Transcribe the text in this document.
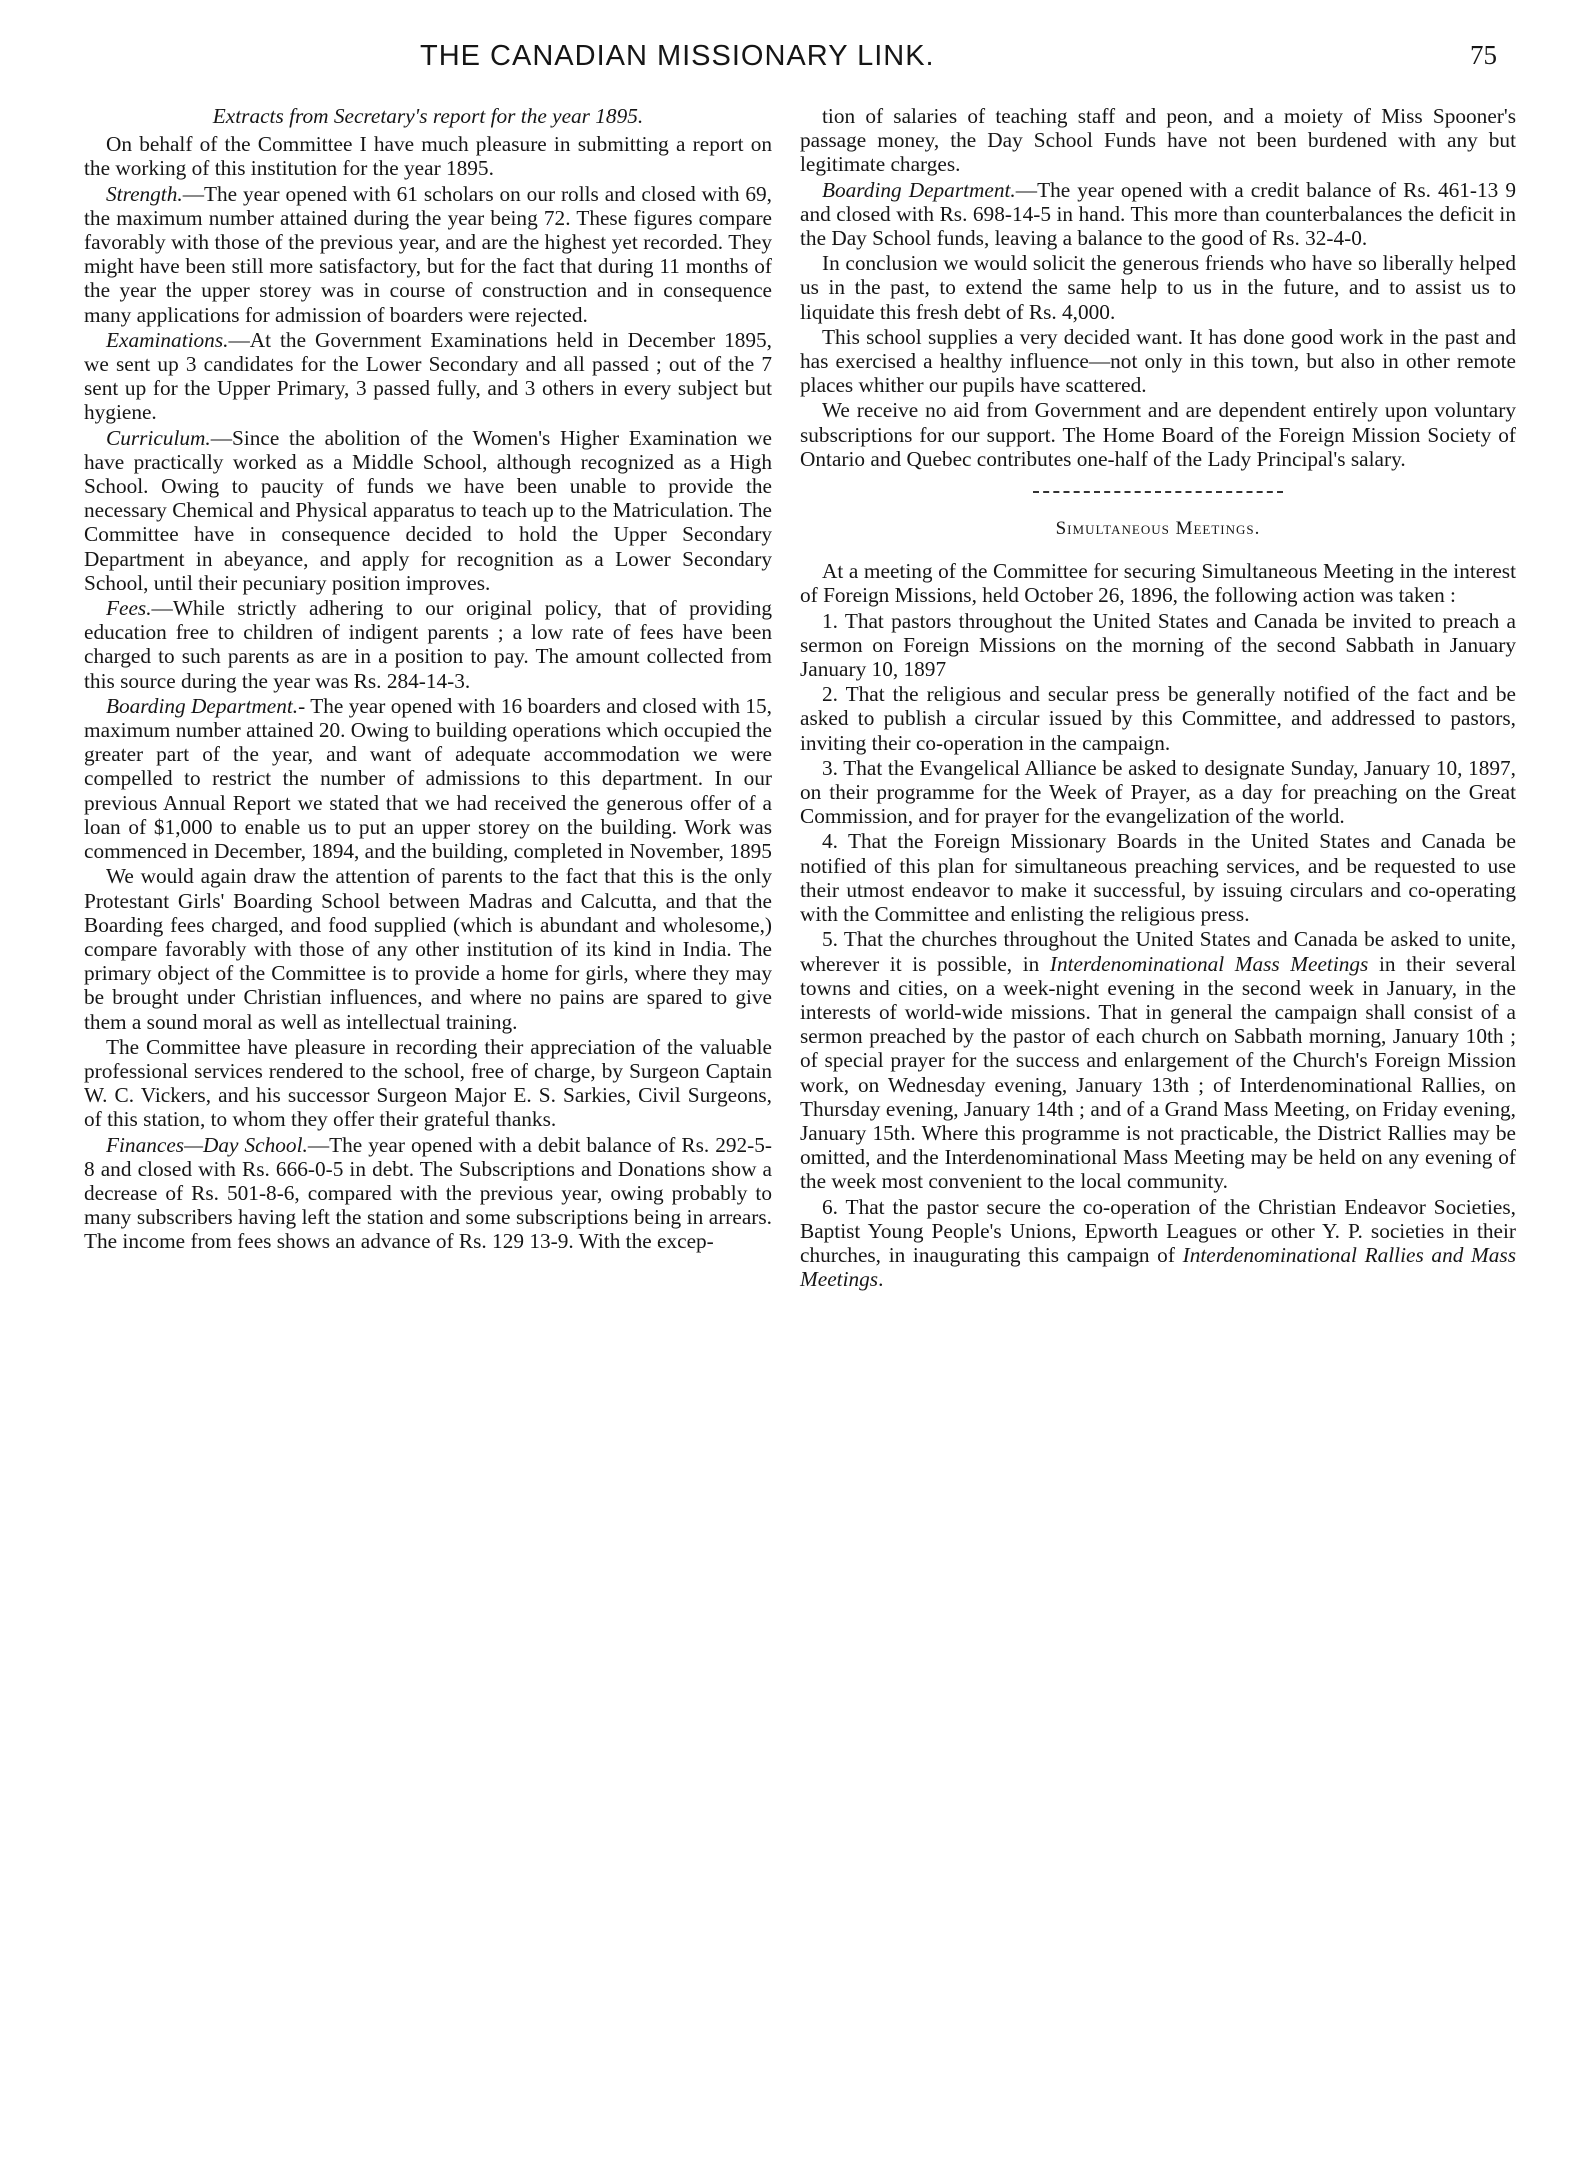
THE CANADIAN MISSIONARY LINK.	75
Extracts from Secretary's report for the year 1895.

On behalf of the Committee I have much pleasure in submitting a report on the working of this institution for the year 1895.

Strength.—The year opened with 61 scholars on our rolls and closed with 69, the maximum number attained during the year being 72. These figures compare favorably with those of the previous year, and are the highest yet recorded. They might have been still more satisfactory, but for the fact that during 11 months of the year the upper storey was in course of construction and in consequence many applications for admission of boarders were rejected.

Examinations.—At the Government Examinations held in December 1895, we sent up 3 candidates for the Lower Secondary and all passed ; out of the 7 sent up for the Upper Primary, 3 passed fully, and 3 others in every subject but hygiene.

Curriculum.—Since the abolition of the Women's Higher Examination we have practically worked as a Middle School, although recognized as a High School. Owing to paucity of funds we have been unable to provide the necessary Chemical and Physical apparatus to teach up to the Matriculation. The Committee have in consequence decided to hold the Upper Secondary Department in abeyance, and apply for recognition as a Lower Secondary School, until their pecuniary position improves.

Fees.—While strictly adhering to our original policy, that of providing education free to children of indigent parents ; a low rate of fees have been charged to such parents as are in a position to pay. The amount collected from this source during the year was Rs. 284-14-3.

Boarding Department.- The year opened with 16 boarders and closed with 15, maximum number attained 20. Owing to building operations which occupied the greater part of the year, and want of adequate accommodation we were compelled to restrict the number of admissions to this department. In our previous Annual Report we stated that we had received the generous offer of a loan of $1,000 to enable us to put an upper storey on the building. Work was commenced in December, 1894, and the building, completed in November, 1895

We would again draw the attention of parents to the fact that this is the only Protestant Girls' Boarding School between Madras and Calcutta, and that the Boarding fees charged, and food supplied (which is abundant and wholesome,) compare favorably with those of any other institution of its kind in India. The primary object of the Committee is to provide a home for girls, where they may be brought under Christian influences, and where no pains are spared to give them a sound moral as well as intellectual training.

The Committee have pleasure in recording their appreciation of the valuable professional services rendered to the school, free of charge, by Surgeon Captain W. C. Vickers, and his successor Surgeon Major E. S. Sarkies, Civil Surgeons, of this station, to whom they offer their grateful thanks.

Finances—Day School.—The year opened with a debit balance of Rs. 292-5-8 and closed with Rs. 666-0-5 in debt. The Subscriptions and Donations show a decrease of Rs. 501-8-6, compared with the previous year, owing probably to many subscribers having left the station and some subscriptions being in arrears. The income from fees shows an advance of Rs. 129 13-9. With the excep-

tion of salaries of teaching staff and peon, and a moiety of Miss Spooner's passage money, the Day School Funds have not been burdened with any but legitimate charges.

Boarding Department.—The year opened with a credit balance of Rs. 461-13 9 and closed with Rs. 698-14-5 in hand. This more than counterbalances the deficit in the Day School funds, leaving a balance to the good of Rs. 32-4-0.

In conclusion we would solicit the generous friends who have so liberally helped us in the past, to extend the same help to us in the future, and to assist us to liquidate this fresh debt of Rs. 4,000.

This school supplies a very decided want. It has done good work in the past and has exercised a healthy influence—not only in this town, but also in other remote places whither our pupils have scattered.

We receive no aid from Government and are dependent entirely upon voluntary subscriptions for our support. The Home Board of the Foreign Mission Society of Ontario and Quebec contributes one-half of the Lady Principal's salary.

Simultaneous Meetings.

At a meeting of the Committee for securing Simultaneous Meeting in the interest of Foreign Missions, held October 26, 1896, the following action was taken :

1. That pastors throughout the United States and Canada be invited to preach a sermon on Foreign Missions on the morning of the second Sabbath in January January 10, 1897

2. That the religious and secular press be generally notified of the fact and be asked to publish a circular issued by this Committee, and addressed to pastors, inviting their co-operation in the campaign.

3. That the Evangelical Alliance be asked to designate Sunday, January 10, 1897, on their programme for the Week of Prayer, as a day for preaching on the Great Commission, and for prayer for the evangelization of the world.

4. That the Foreign Missionary Boards in the United States and Canada be notified of this plan for simultaneous preaching services, and be requested to use their utmost endeavor to make it successful, by issuing circulars and co-operating with the Committee and enlisting the religious press.

5. That the churches throughout the United States and Canada be asked to unite, wherever it is possible, in Interdenominational Mass Meetings in their several towns and cities, on a week-night evening in the second week in January, in the interests of world-wide missions. That in general the campaign shall consist of a sermon preached by the pastor of each church on Sabbath morning, January 10th ; of special prayer for the success and enlargement of the Church's Foreign Mission work, on Wednesday evening, January 13th ; of Interdenominational Rallies, on Thursday evening, January 14th ; and of a Grand Mass Meeting, on Friday evening, January 15th. Where this programme is not practicable, the District Rallies may be omitted, and the Interdenominational Mass Meeting may be held on any evening of the week most convenient to the local community.

6. That the pastor secure the co-operation of the Christian Endeavor Societies, Baptist Young People's Unions, Epworth Leagues or other Y. P. societies in their churches, in inaugurating this campaign of Interdenominational Rallies and Mass Meetings.
